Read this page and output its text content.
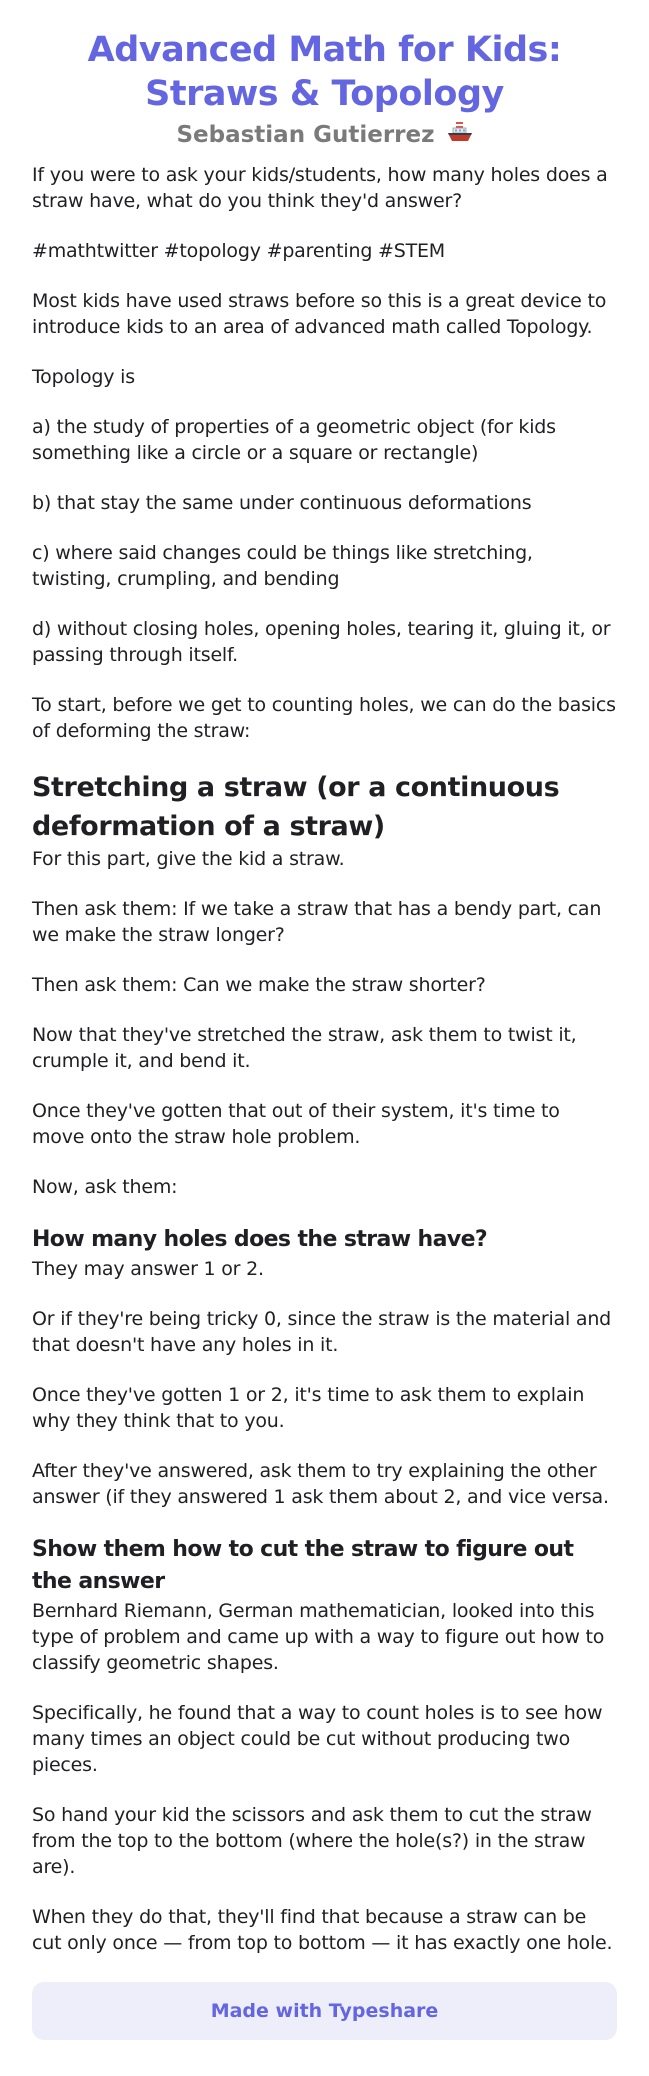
Advanced Math for Kids: Straws & Topology
Sebastian Gutierrez

If you were to ask your kids/students, how many holes does a straw have, what do you think they'd answer?

#mathtwitter #topology #parenting #STEM

Most kids have used straws before so this is a great device to introduce kids to an area of advanced math called Topology.

Topology is

a) the study of properties of a geometric object (for kids something like a circle or a square or rectangle)

b) that stay the same under continuous deformations

c) where said changes could be things like stretching, twisting, crumpling, and bending

d) without closing holes, opening holes, tearing it, gluing it, or passing through itself.

To start, before we get to counting holes, we can do the basics of deforming the straw:

Stretching a straw (or a continuous deformation of a straw)

For this part, give the kid a straw.

Then ask them: If we take a straw that has a bendy part, can we make the straw longer?

Then ask them: Can we make the straw shorter?

Now that they've stretched the straw, ask them to twist it, crumple it, and bend it.

Once they've gotten that out of their system, it's time to move onto the straw hole problem.

Now, ask them:

How many holes does the straw have?

They may answer 1 or 2.

Or if they're being tricky 0, since the straw is the material and that doesn't have any holes in it.

Once they've gotten 1 or 2, it's time to ask them to explain why they think that to you.

After they've answered, ask them to try explaining the other answer (if they answered 1 ask them about 2, and vice versa.

Show them how to cut the straw to figure out the answer

Bernhard Riemann, German mathematician, looked into this type of problem and came up with a way to figure out how to classify geometric shapes.

Specifically, he found that a way to count holes is to see how many times an object could be cut without producing two pieces.

So hand your kid the scissors and ask them to cut the straw from the top to the bottom (where the hole(s?) in the straw are).

When they do that, they'll find that because a straw can be cut only once — from top to bottom — it has exactly one hole.

Made with Typeshare
